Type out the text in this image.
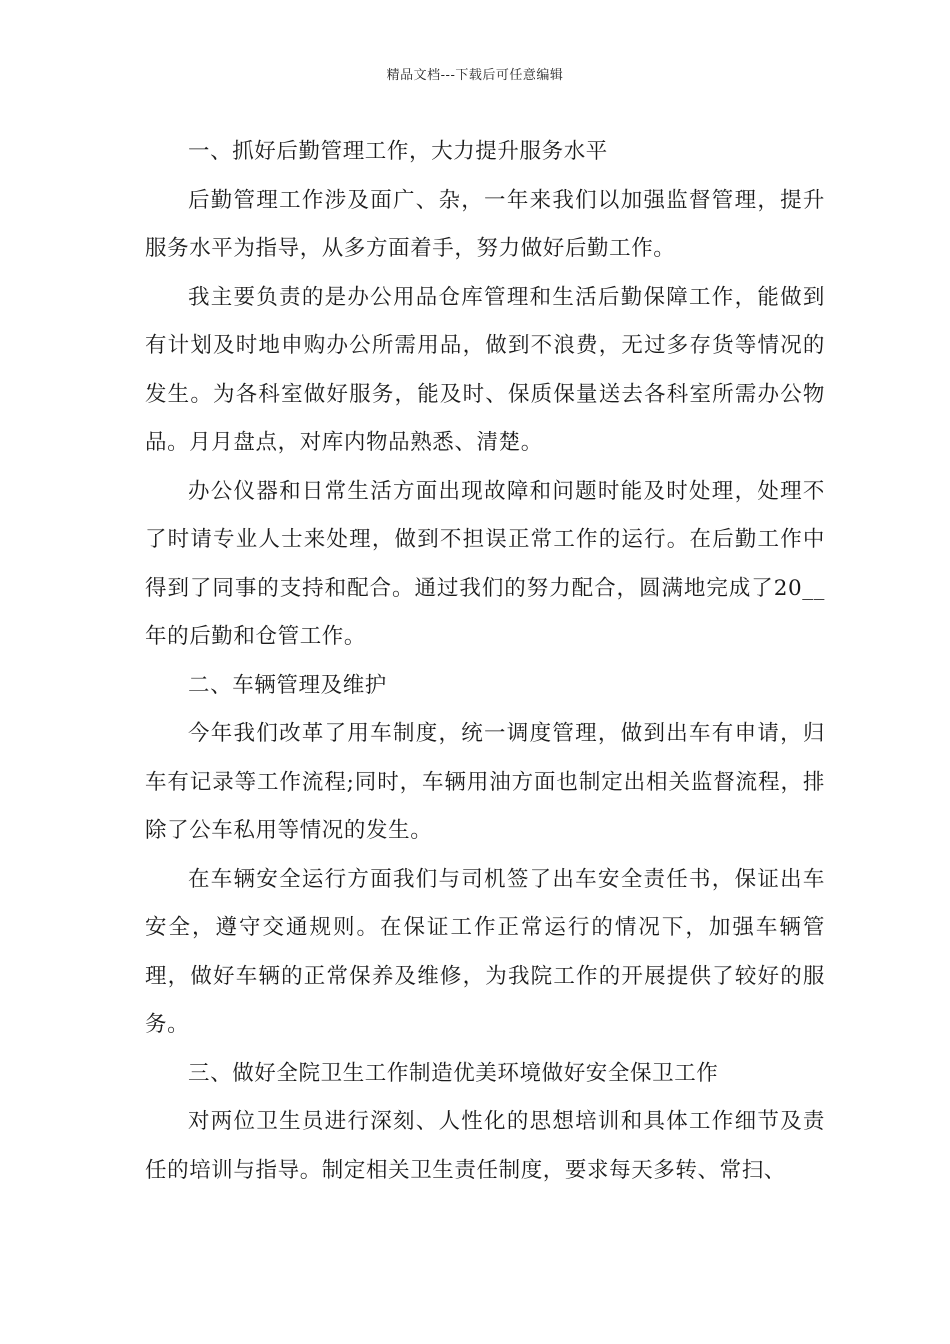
精品文档---下载后可任意编辑

一、抓好后勤管理工作，大力提升服务水平

后勤管理工作涉及面广、杂，一年来我们以加强监督管理，提升服务水平为指导，从多方面着手，努力做好后勤工作。

我主要负责的是办公用品仓库管理和生活后勤保障工作，能做到有计划及时地申购办公所需用品，做到不浪费，无过多存货等情况的发生。为各科室做好服务，能及时、保质保量送去各科室所需办公物品。月月盘点，对库内物品熟悉、清楚。

办公仪器和日常生活方面出现故障和问题时能及时处理，处理不了时请专业人士来处理，做到不担误正常工作的运行。在后勤工作中得到了同事的支持和配合。通过我们的努力配合，圆满地完成了20__年的后勤和仓管工作。

二、车辆管理及维护

今年我们改革了用车制度，统一调度管理，做到出车有申请，归车有记录等工作流程;同时，车辆用油方面也制定出相关监督流程，排除了公车私用等情况的发生。

在车辆安全运行方面我们与司机签了出车安全责任书，保证出车安全，遵守交通规则。在保证工作正常运行的情况下，加强车辆管理，做好车辆的正常保养及维修，为我院工作的开展提供了较好的服务。

三、做好全院卫生工作制造优美环境做好安全保卫工作

对两位卫生员进行深刻、人性化的思想培训和具体工作细节及责任的培训与指导。制定相关卫生责任制度，要求每天多转、常扫、
